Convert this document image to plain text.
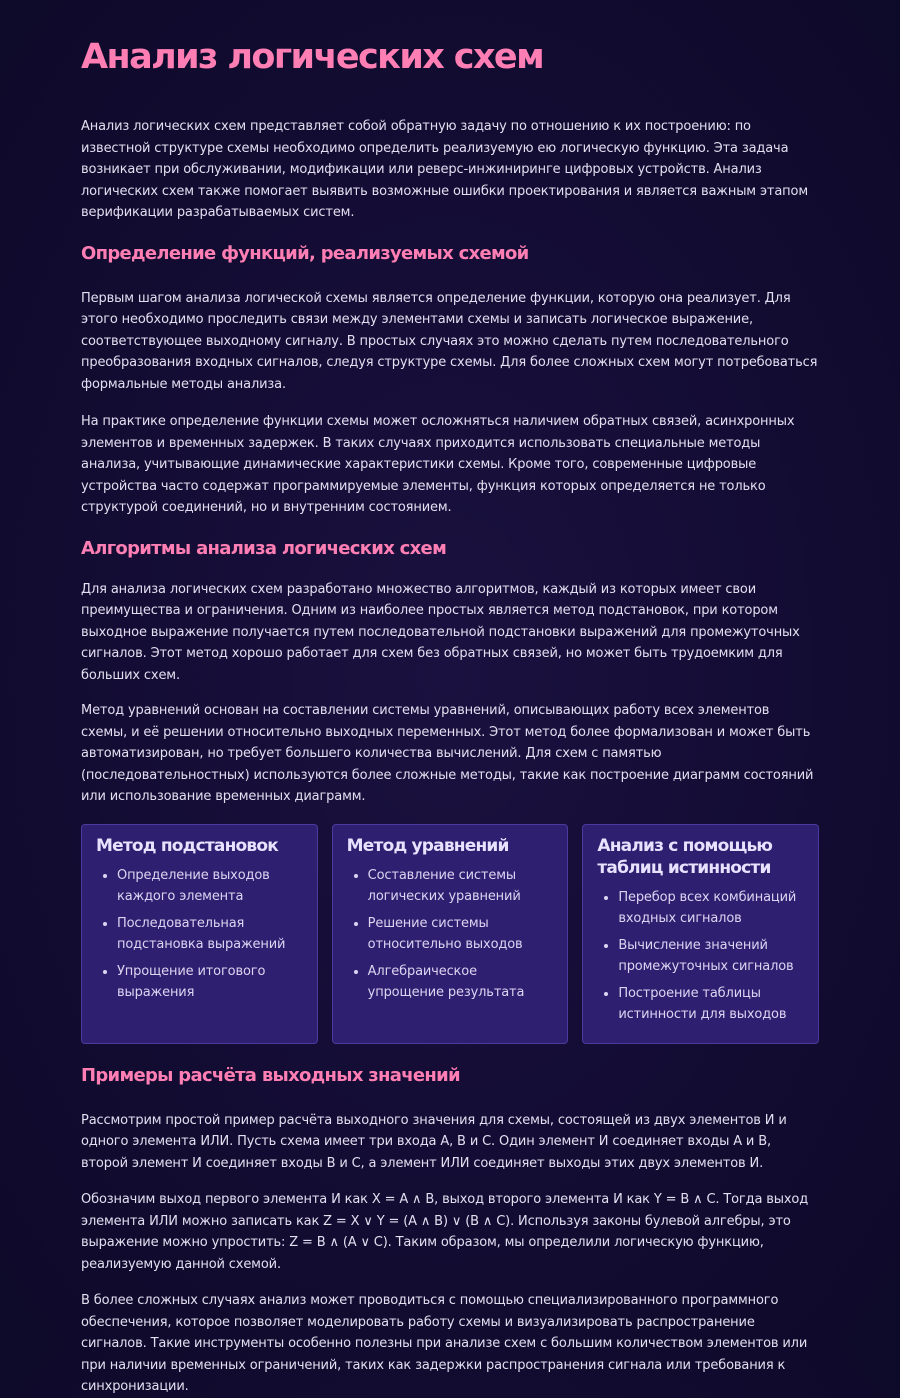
Анализ логических схем

Анализ логических схем представляет собой обратную задачу по отношению к их построению: по известной структуре схемы необходимо определить реализуемую ею логическую функцию. Эта задача возникает при обслуживании, модификации или реверс-инжиниринге цифровых устройств. Анализ логических схем также помогает выявить возможные ошибки проектирования и является важным этапом верификации разрабатываемых систем.

Определение функций, реализуемых схемой

Первым шагом анализа логической схемы является определение функции, которую она реализует. Для этого необходимо проследить связи между элементами схемы и записать логическое выражение, соответствующее выходному сигналу. В простых случаях это можно сделать путем последовательного преобразования входных сигналов, следуя структуре схемы. Для более сложных схем могут потребоваться формальные методы анализа.

На практике определение функции схемы может осложняться наличием обратных связей, асинхронных элементов и временных задержек. В таких случаях приходится использовать специальные методы анализа, учитывающие динамические характеристики схемы. Кроме того, современные цифровые устройства часто содержат программируемые элементы, функция которых определяется не только структурой соединений, но и внутренним состоянием.

Алгоритмы анализа логических схем

Для анализа логических схем разработано множество алгоритмов, каждый из которых имеет свои преимущества и ограничения. Одним из наиболее простых является метод подстановок, при котором выходное выражение получается путем последовательной подстановки выражений для промежуточных сигналов. Этот метод хорошо работает для схем без обратных связей, но может быть трудоемким для больших схем.

Метод уравнений основан на составлении системы уравнений, описывающих работу всех элементов схемы, и её решении относительно выходных переменных. Этот метод более формализован и может быть автоматизирован, но требует большего количества вычислений. Для схем с памятью (последовательностных) используются более сложные методы, такие как построение диаграмм состояний или использование временных диаграмм.

Метод подстановок
• Определение выходов каждого элемента
• Последовательная подстановка выражений
• Упрощение итогового выражения
Метод уравнений
• Составление системы логических уравнений
• Решение системы относительно выходов
• Алгебраическое упрощение результата
Анализ с помощью таблиц истинности
• Перебор всех комбинаций входных сигналов
• Вычисление значений промежуточных сигналов
• Построение таблицы истинности для выходов
Примеры расчёта выходных значений

Рассмотрим простой пример расчёта выходного значения для схемы, состоящей из двух элементов И и одного элемента ИЛИ. Пусть схема имеет три входа A, B и C. Один элемент И соединяет входы A и B, второй элемент И соединяет входы B и C, а элемент ИЛИ соединяет выходы этих двух элементов И.

Обозначим выход первого элемента И как X = A ∧ B, выход второго элемента И как Y = B ∧ C. Тогда выход элемента ИЛИ можно записать как Z = X ∨ Y = (A ∧ B) ∨ (B ∧ C). Используя законы булевой алгебры, это выражение можно упростить: Z = B ∧ (A ∨ C). Таким образом, мы определили логическую функцию, реализуемую данной схемой.

В более сложных случаях анализ может проводиться с помощью специализированного программного обеспечения, которое позволяет моделировать работу схемы и визуализировать распространение сигналов. Такие инструменты особенно полезны при анализе схем с большим количеством элементов или при наличии временных ограничений, таких как задержки распространения сигнала или требования к синхронизации.
